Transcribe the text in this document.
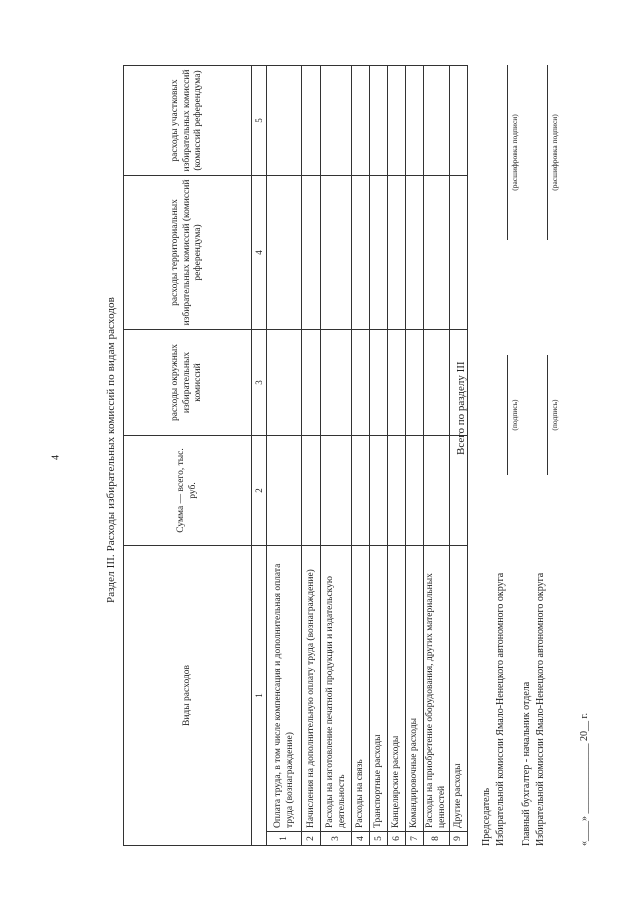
4	Раздел III. Расходы избирательных комиссий по видам расходов
Виды расходов		Сумма — всего, тыс. руб.	расходы окружных избирательных комиссий	расходы территориальных избирательных комиссий (комиссий референдума)	расходы участковых избирательных комиссий (комиссий референдума)
1		2	3	4	5
1	Оплата труда, в том числе компенсация и дополнительная оплата труда (вознаграждение)				
2	Начисления на дополнительную оплату труда (вознаграждение)				
3	Расходы на изготовление печатной продукции и издательскую деятельность				
4	Расходы на связь				
5	Транспортные расходы				
6	Канцелярские расходы				
7	Командировочные расходы				
8	Расходы на приобретение оборудования, других материальных ценностей				
9	Другие расходы				
Всего по разделу III
Председатель Избирательной комиссии Ямало-Ненецкого автономного округа
(подпись)
(расшифровка подписи)
Главный бухгалтер - начальник отдела Избирательной комиссии Ямало-Ненецкого автономного округа
(подпись)
(расшифровка подписи)
«____» ______________ 20__ г.
